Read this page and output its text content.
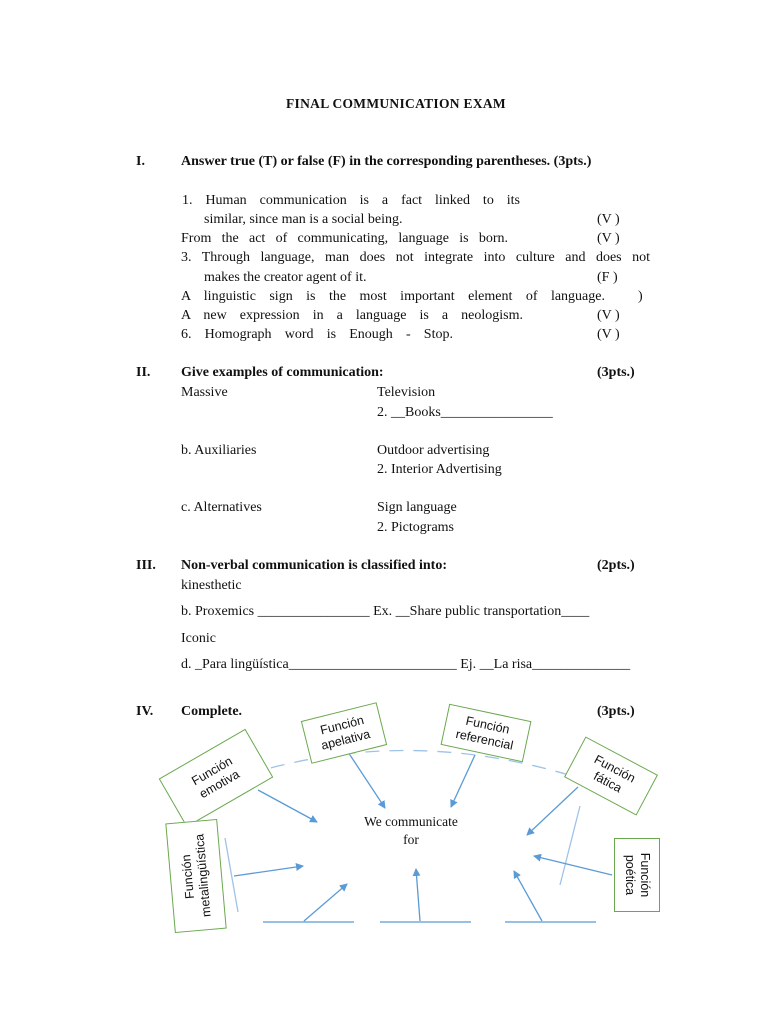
FINAL COMMUNICATION EXAM
I.	Answer true (T) or false (F) in the corresponding parentheses. (3pts.)
1. Human communication is a fact linked to its
similar, since man is a social being.	(V )
From the act of communicating, language is born.	(V )
3. Through language, man does not integrate into culture and does not
makes the creator agent of it.	(F )
A linguistic sign is the most important element of language. )
A new expression in a language is a neologism.	(V )
6. Homograph word is Enough - Stop.	(V )
II. Give examples of communication:	(3pts.)
Massive	Television
2. __Books________________
b. Auxiliaries	Outdoor advertising
2. Interior Advertising
c. Alternatives	Sign language
2. Pictograms
III. Non-verbal communication is classified into:	(2pts.)
kinesthetic
b. Proxemics ________________ Ex. __Share public transportation____
Iconic
d. _Para lingüística________________________ Ej. __La risa______________
IV. Complete.	(3pts.)
We communicate
for
Función
apelativa
Función
referencial
Función
emotiva	Función
fática
Función
metalingüística	Función
poética
